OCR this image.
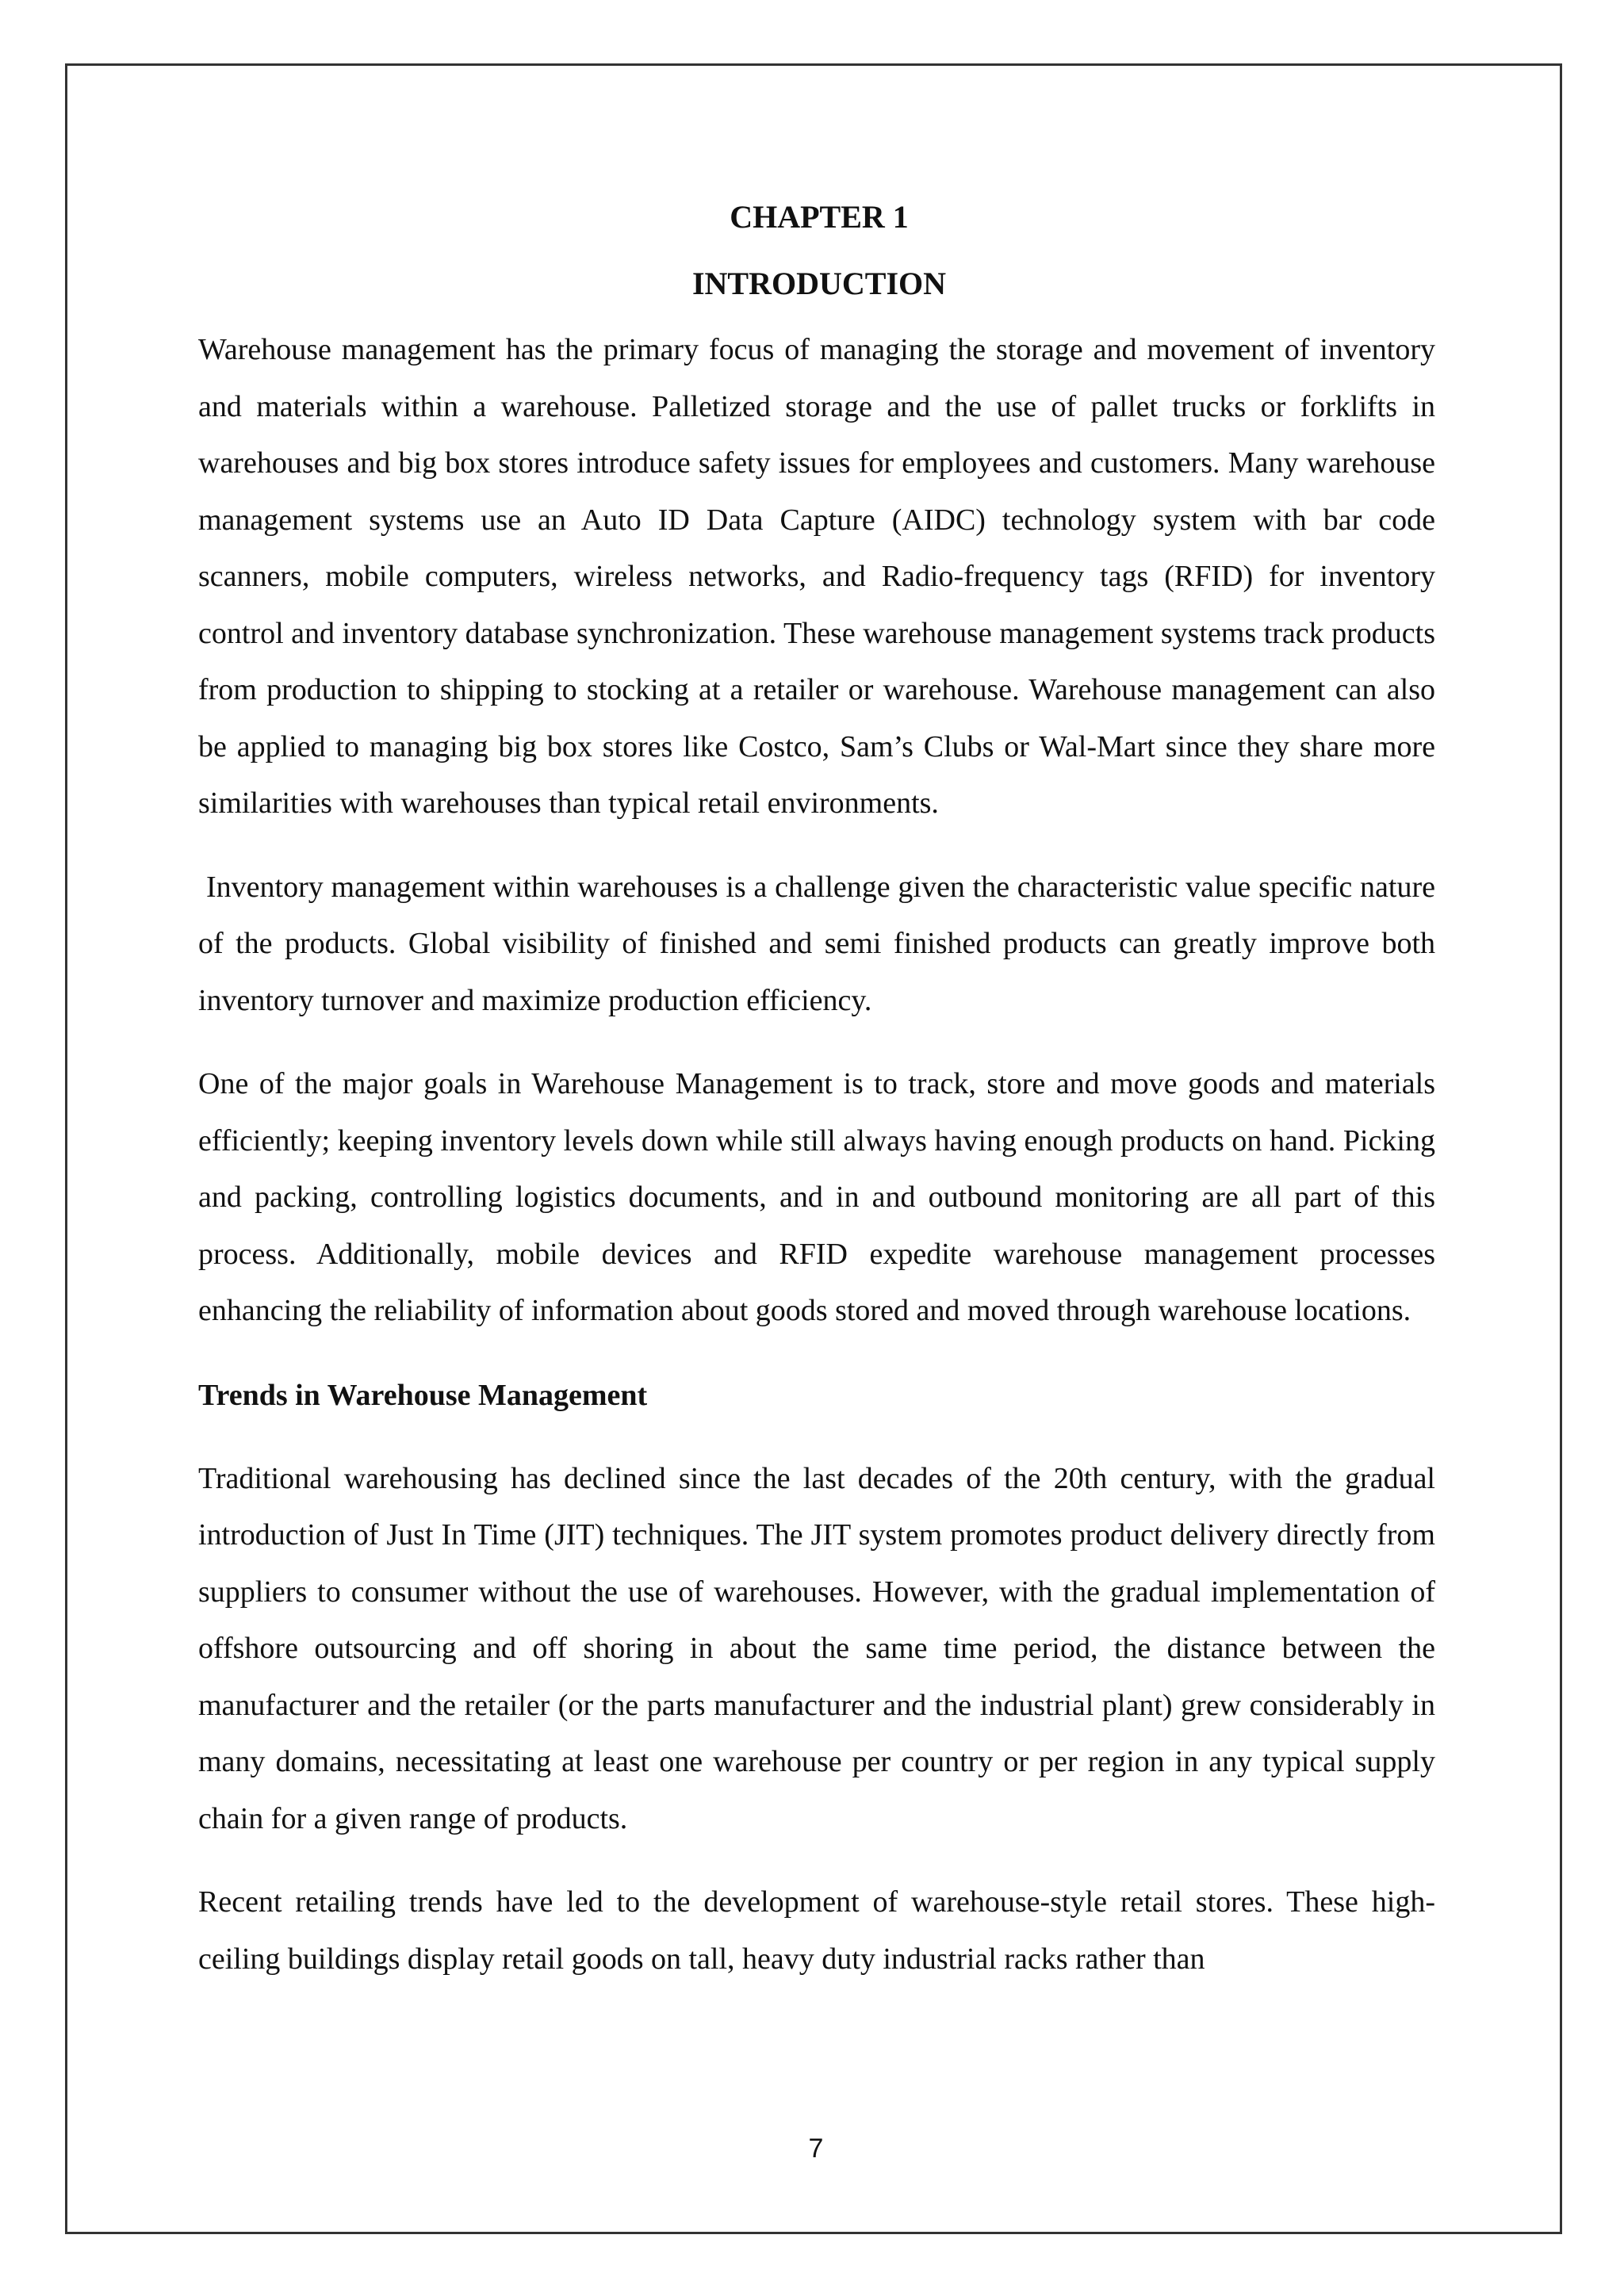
CHAPTER 1

INTRODUCTION

Warehouse management has the primary focus of managing the storage and movement of inventory and materials within a warehouse. Palletized storage and the use of pallet trucks or forklifts in warehouses and big box stores introduce safety issues for employees and customers. Many warehouse management systems use an Auto ID Data Capture (AIDC) technology system with bar code scanners, mobile computers, wireless networks, and Radio-frequency tags (RFID) for inventory control and inventory database synchronization. These warehouse management systems track products from production to shipping to stocking at a retailer or warehouse. Warehouse management can also be applied to managing big box stores like Costco, Sam’s Clubs or Wal-Mart since they share more similarities with warehouses than typical retail environments.

Inventory management within warehouses is a challenge given the characteristic value specific nature of the products. Global visibility of finished and semi finished products can greatly improve both inventory turnover and maximize production efficiency.

One of the major goals in Warehouse Management is to track, store and move goods and materials efficiently; keeping inventory levels down while still always having enough products on hand. Picking and packing, controlling logistics documents, and in and outbound monitoring are all part of this process. Additionally, mobile devices and RFID expedite warehouse management processes enhancing the reliability of information about goods stored and moved through warehouse locations.

Trends in Warehouse Management

Traditional warehousing has declined since the last decades of the 20th century, with the gradual introduction of Just In Time (JIT) techniques. The JIT system promotes product delivery directly from suppliers to consumer without the use of warehouses. However, with the gradual implementation of offshore outsourcing and off shoring in about the same time period, the distance between the manufacturer and the retailer (or the parts manufacturer and the industrial plant) grew considerably in many domains, necessitating at least one warehouse per country or per region in any typical supply chain for a given range of products.

Recent retailing trends have led to the development of warehouse-style retail stores. These high-ceiling buildings display retail goods on tall, heavy duty industrial racks rather than

7
